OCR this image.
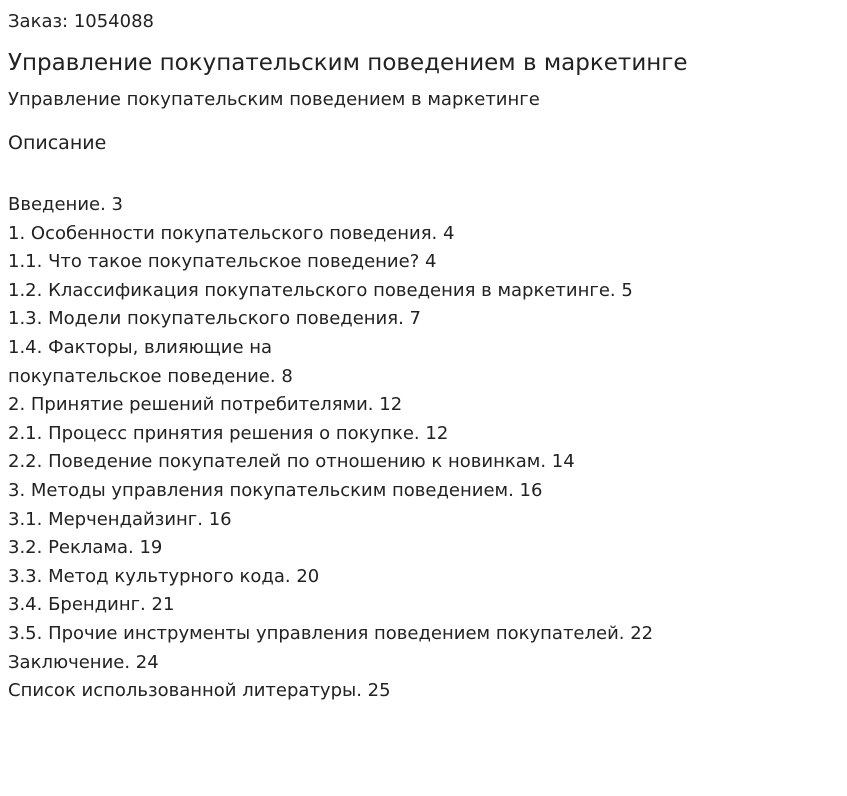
Заказ: 1054088
Управление покупательским поведением в маркетинге
Управление покупательским поведением в маркетинге
Описание
Введение. 3
1. Особенности покупательского поведения. 4
1.1. Что такое покупательское поведение? 4
1.2. Классификация покупательского поведения в маркетинге. 5
1.3. Модели покупательского поведения. 7
1.4. Факторы, влияющие на
покупательское поведение. 8
2. Принятие решений потребителями. 12
2.1. Процесс принятия решения о покупке. 12
2.2. Поведение покупателей по отношению к новинкам. 14
3. Методы управления покупательским поведением. 16
3.1. Мерчендайзинг. 16
3.2. Реклама. 19
3.3. Метод культурного кода. 20
3.4. Брендинг. 21
3.5. Прочие инструменты управления поведением покупателей. 22
Заключение. 24
Список использованной литературы. 25
